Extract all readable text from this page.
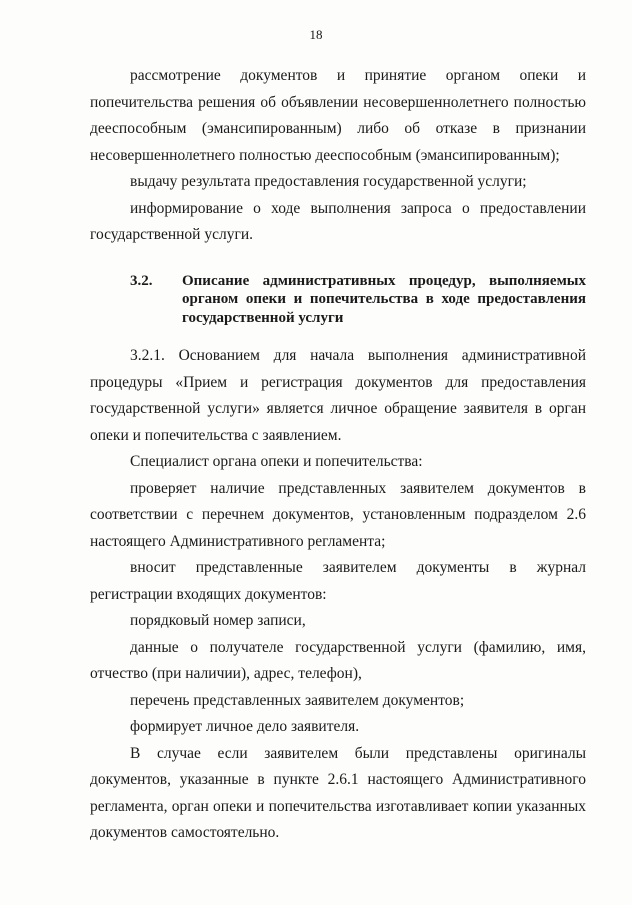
18

рассмотрение документов и принятие органом опеки и попечительства решения об объявлении несовершеннолетнего полностью дееспособным (эмансипированным) либо об отказе в признании несовершеннолетнего полностью дееспособным (эмансипированным);

выдачу результата предоставления государственной услуги;

информирование о ходе выполнения запроса о предоставлении государственной услуги.

3.2.	Описание административных процедур, выполняемых органом опеки и попечительства в ходе предоставления государственной услуги

3.2.1. Основанием для начала выполнения административной процедуры «Прием и регистрация документов для предоставления государственной услуги» является личное обращение заявителя в орган опеки и попечительства с заявлением.

Специалист органа опеки и попечительства:

проверяет наличие представленных заявителем документов в соответствии с перечнем документов, установленным подразделом 2.6 настоящего Административного регламента;

вносит представленные заявителем документы в журнал регистрации входящих документов:

порядковый номер записи,

данные о получателе государственной услуги (фамилию, имя, отчество (при наличии), адрес, телефон),

перечень представленных заявителем документов;

формирует личное дело заявителя.

В случае если заявителем были представлены оригиналы документов, указанные в пункте 2.6.1 настоящего Административного регламента, орган опеки и попечительства изготавливает копии указанных документов самостоятельно.
